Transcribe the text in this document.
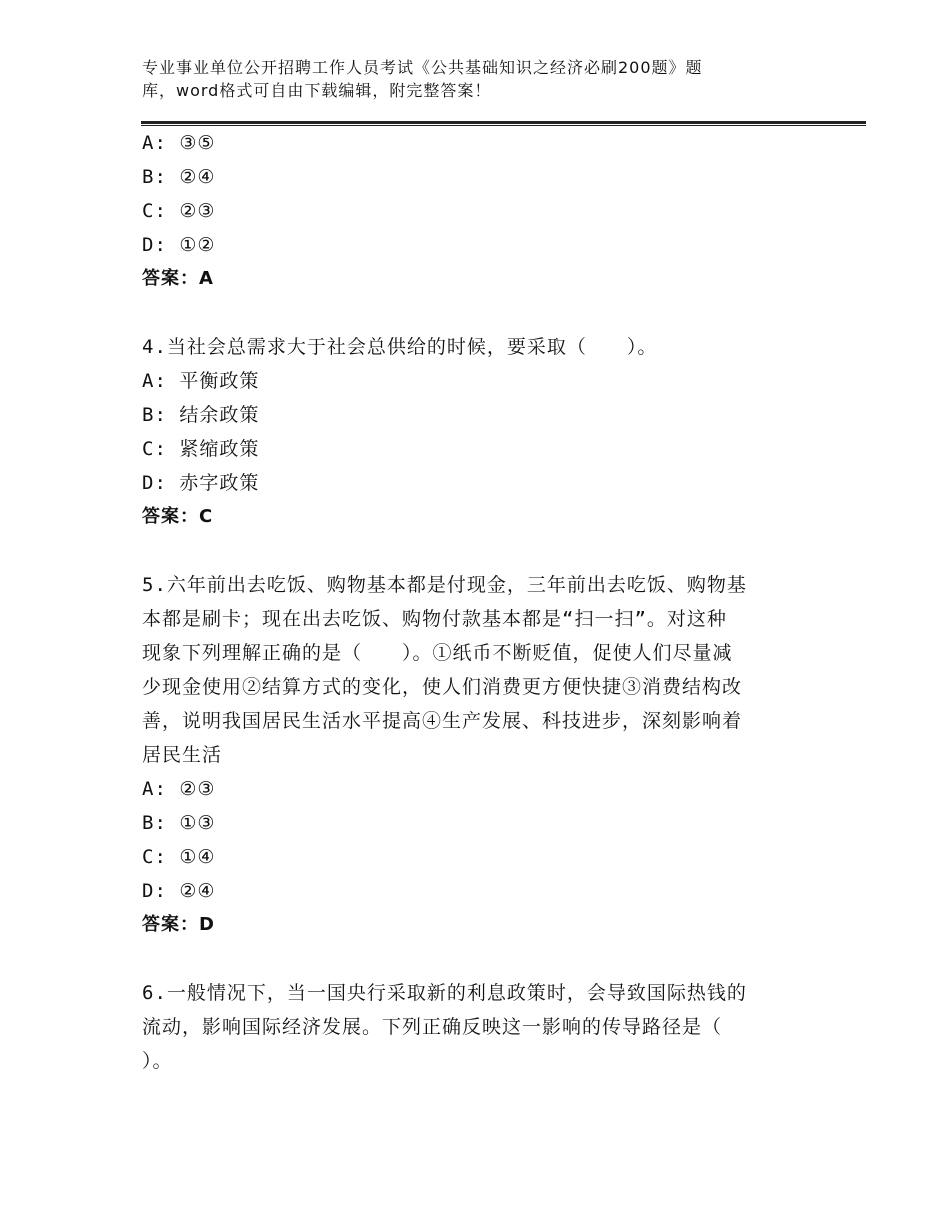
专业事业单位公开招聘工作人员考试《公共基础知识之经济必刷200题》题
库，word格式可自由下载编辑，附完整答案！
A: ③⑤
B: ②④
C: ②③
D: ①②
答案：A
4.当社会总需求大于社会总供给的时候，要采取（　　）。
A: 平衡政策
B: 结余政策
C: 紧缩政策
D: 赤字政策
答案：C
5.六年前出去吃饭、购物基本都是付现金，三年前出去吃饭、购物基
本都是刷卡；现在出去吃饭、购物付款基本都是“扫一扫”。对这种
现象下列理解正确的是（　　）。①纸币不断贬值，促使人们尽量减
少现金使用②结算方式的变化，使人们消费更方便快捷③消费结构改
善，说明我国居民生活水平提高④生产发展、科技进步，深刻影响着
居民生活
A: ②③
B: ①③
C: ①④
D: ②④
答案：D
6.一般情况下，当一国央行采取新的利息政策时，会导致国际热钱的
流动，影响国际经济发展。下列正确反映这一影响的传导路径是（
）。
